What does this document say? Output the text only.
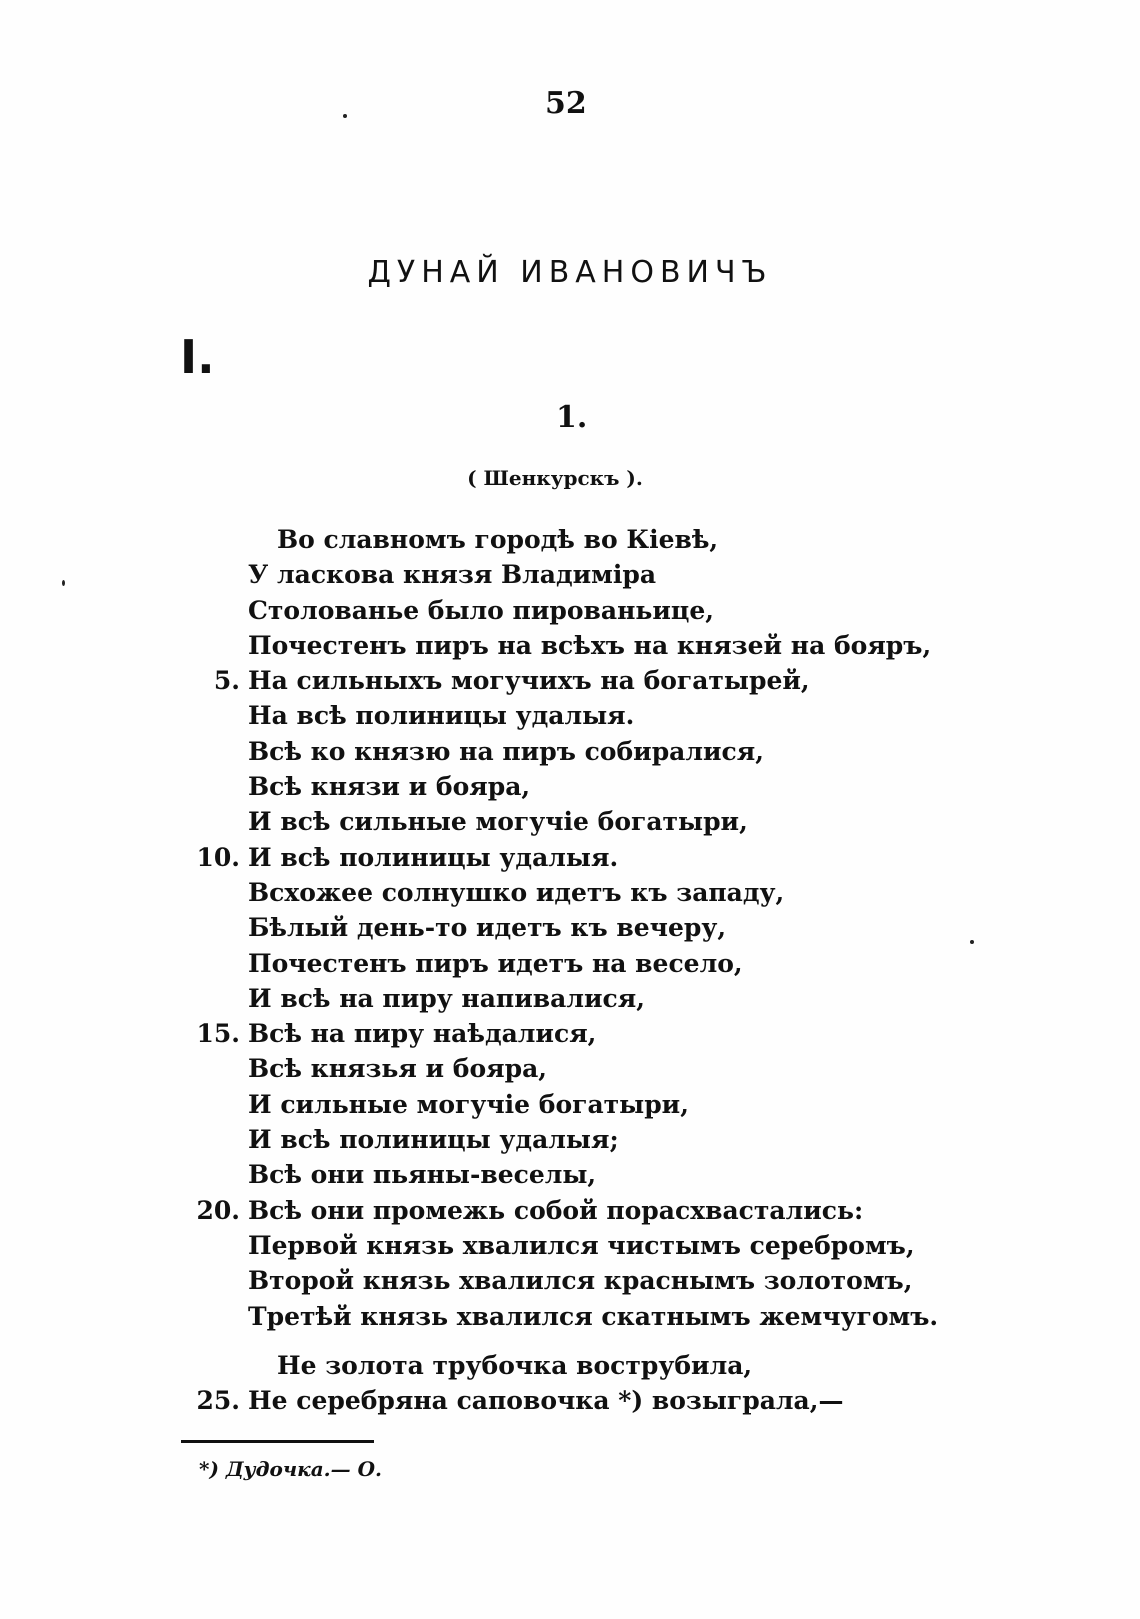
52
ДУНАЙ ИВАНОВИЧЪ
I.
1.
( Шенкурскъ ).
Во славномъ городѣ во Кіевѣ,
У ласкова князя Владиміра
Столованье было пированьице,
Почестенъ пиръ на всѣхъ на князей на бояръ,
5. На сильныхъ могучихъ на богатырей,
На всѣ полиницы удалыя.
Всѣ ко князю на пиръ собиралися,
Всѣ князи и бояра,
И всѣ сильные могучіе богатыри,
10. И всѣ полиницы удалыя.
Всхожее солнушко идетъ къ западу,
Бѣлый день-то идетъ къ вечеру,
Почестенъ пиръ идетъ на весело,
И всѣ на пиру напивалися,
15. Всѣ на пиру наѣдалися,
Всѣ князья и бояра,
И сильные могучіе богатыри,
И всѣ полиницы удалыя;
Всѣ они пьяны-веселы,
20. Всѣ они промежь собой порасхвастались:
Первой князь хвалился чистымъ серебромъ,
Второй князь хвалился краснымъ золотомъ,
Третѣй князь хвалился скатнымъ жемчугомъ.
Не золота трубочка вострубила,
25. Не серебряна саповочка *) возыграла,—
*) Дудочка.— О.
